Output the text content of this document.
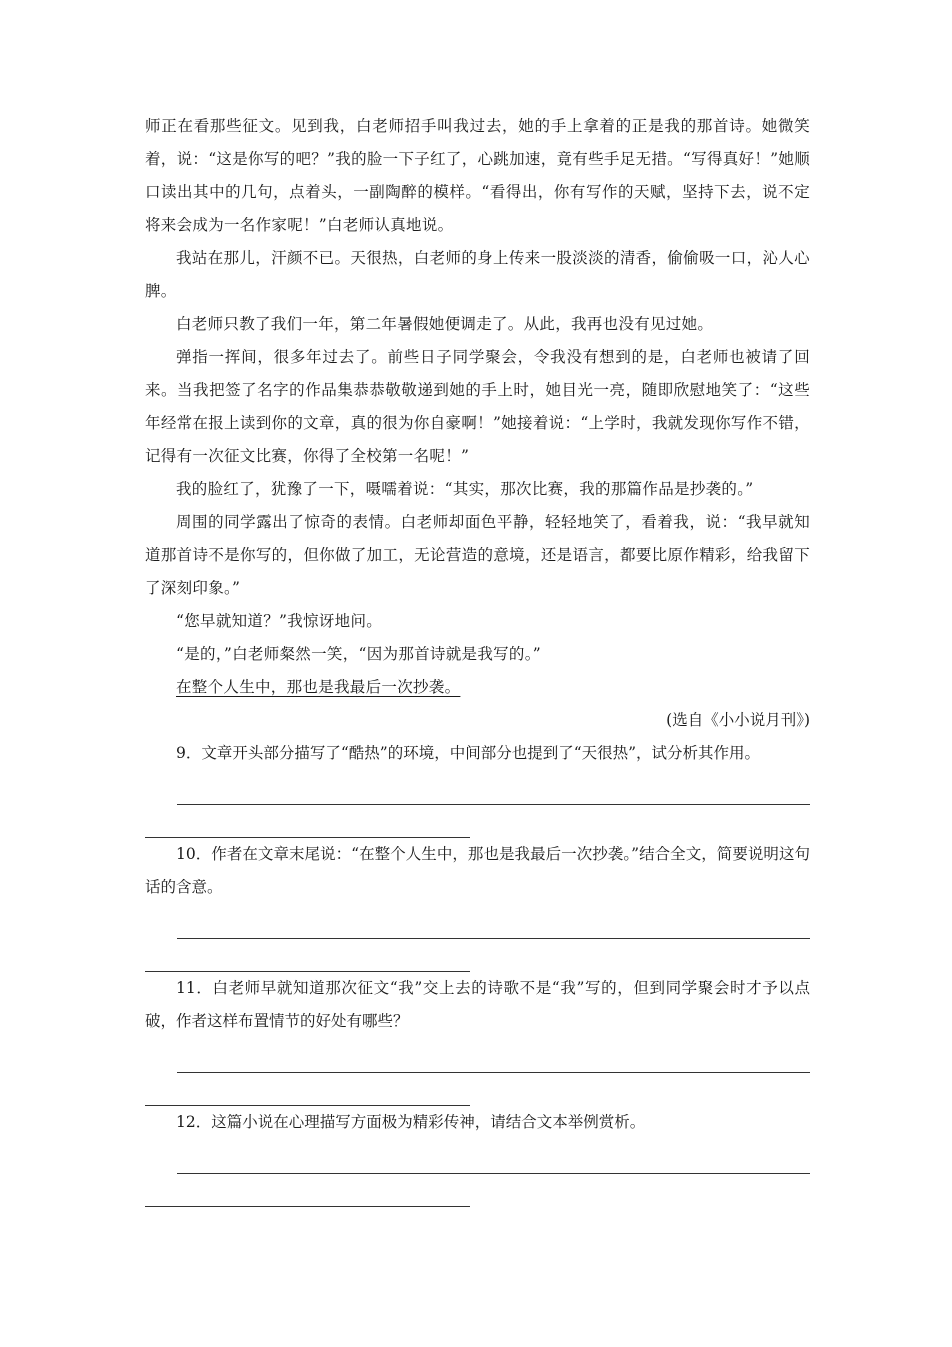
师正在看那些征文。见到我，白老师招手叫我过去，她的手上拿着的正是我的那首诗。她微笑着，说：“这是你写的吧？”我的脸一下子红了，心跳加速，竟有些手足无措。“写得真好！”她顺口读出其中的几句，点着头，一副陶醉的模样。“看得出，你有写作的天赋，坚持下去，说不定将来会成为一名作家呢！”白老师认真地说。

我站在那儿，汗颜不已。天很热，白老师的身上传来一股淡淡的清香，偷偷吸一口，沁人心脾。

白老师只教了我们一年，第二年暑假她便调走了。从此，我再也没有见过她。

弹指一挥间，很多年过去了。前些日子同学聚会，令我没有想到的是，白老师也被请了回来。当我把签了名字的作品集恭恭敬敬递到她的手上时，她目光一亮，随即欣慰地笑了：“这些年经常在报上读到你的文章，真的很为你自豪啊！”她接着说：“上学时，我就发现你写作不错，记得有一次征文比赛，你得了全校第一名呢！”

我的脸红了，犹豫了一下，嗫嚅着说：“其实，那次比赛，我的那篇作品是抄袭的。”

周围的同学露出了惊奇的表情。白老师却面色平静，轻轻地笑了，看着我，说：“我早就知道那首诗不是你写的，但你做了加工，无论营造的意境，还是语言，都要比原作精彩，给我留下了深刻印象。”

“您早就知道？”我惊讶地问。

“是的，”白老师粲然一笑，“因为那首诗就是我写的。”

在整个人生中，那也是我最后一次抄袭。

(选自《小小说月刊》)

9．文章开头部分描写了“酷热”的环境，中间部分也提到了“天很热”，试分析其作用。

10．作者在文章末尾说：“在整个人生中，那也是我最后一次抄袭。”结合全文，简要说明这句话的含意。

11．白老师早就知道那次征文“我”交上去的诗歌不是“我”写的，但到同学聚会时才予以点破，作者这样布置情节的好处有哪些？

12．这篇小说在心理描写方面极为精彩传神，请结合文本举例赏析。
